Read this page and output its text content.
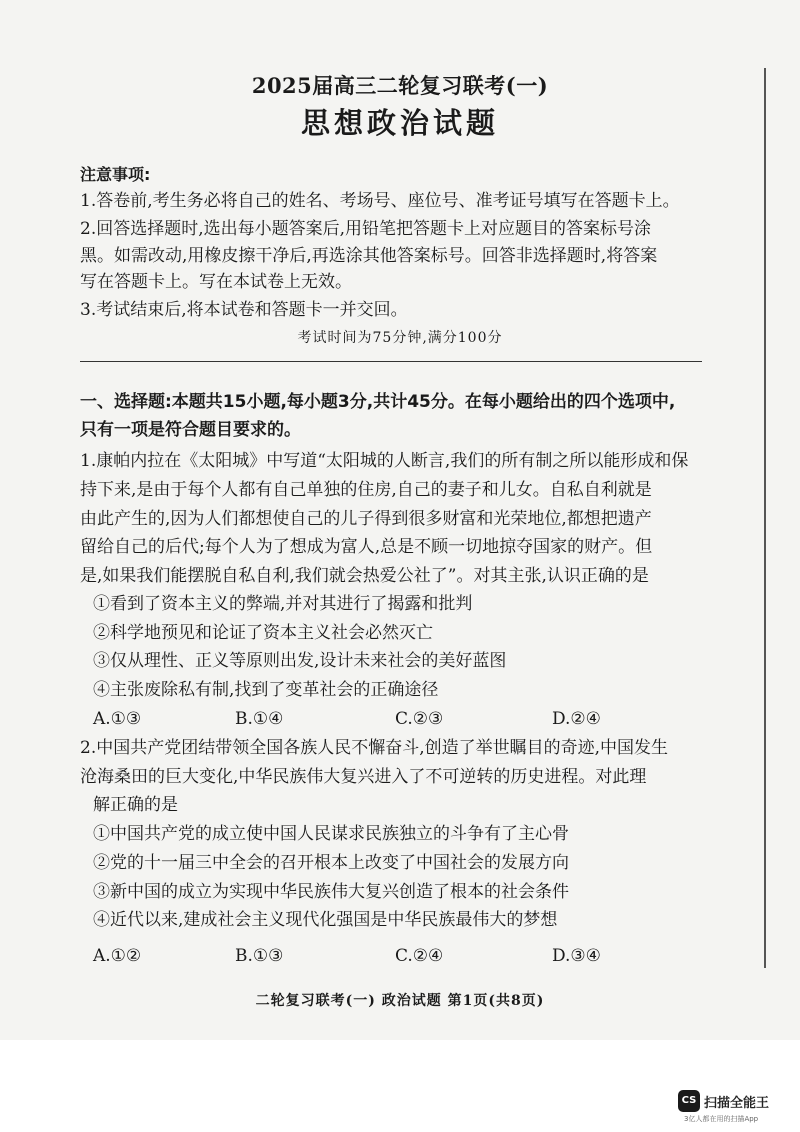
2025届高三二轮复习联考(一)
思想政治试题
注意事项:
1.答卷前,考生务必将自己的姓名、考场号、座位号、准考证号填写在答题卡上。
2.回答选择题时,选出每小题答案后,用铅笔把答题卡上对应题目的答案标号涂
黑。如需改动,用橡皮擦干净后,再选涂其他答案标号。回答非选择题时,将答案
写在答题卡上。写在本试卷上无效。
3.考试结束后,将本试卷和答题卡一并交回。
考试时间为75分钟,满分100分
一、选择题:本题共15小题,每小题3分,共计45分。在每小题给出的四个选项中,
只有一项是符合题目要求的。
1.康帕内拉在《太阳城》中写道“太阳城的人断言,我们的所有制之所以能形成和保
持下来,是由于每个人都有自己单独的住房,自己的妻子和儿女。自私自利就是
由此产生的,因为人们都想使自己的儿子得到很多财富和光荣地位,都想把遗产
留给自己的后代;每个人为了想成为富人,总是不顾一切地掠夺国家的财产。但
是,如果我们能摆脱自私自利,我们就会热爱公社了”。对其主张,认识正确的是
①看到了资本主义的弊端,并对其进行了揭露和批判
②科学地预见和论证了资本主义社会必然灭亡
③仅从理性、正义等原则出发,设计未来社会的美好蓝图
④主张废除私有制,找到了变革社会的正确途径
A.①③	B.①④	C.②③	D.②④
2.中国共产党团结带领全国各族人民不懈奋斗,创造了举世瞩目的奇迹,中国发生
沧海桑田的巨大变化,中华民族伟大复兴进入了不可逆转的历史进程。对此理
解正确的是
①中国共产党的成立使中国人民谋求民族独立的斗争有了主心骨
②党的十一届三中全会的召开根本上改变了中国社会的发展方向
③新中国的成立为实现中华民族伟大复兴创造了根本的社会条件
④近代以来,建成社会主义现代化强国是中华民族最伟大的梦想
A.①②	B.①③	C.②④	D.③④
二轮复习联考(一) 政治试题 第1页(共8页)
CS 扫描全能王
3亿人都在用的扫描App
